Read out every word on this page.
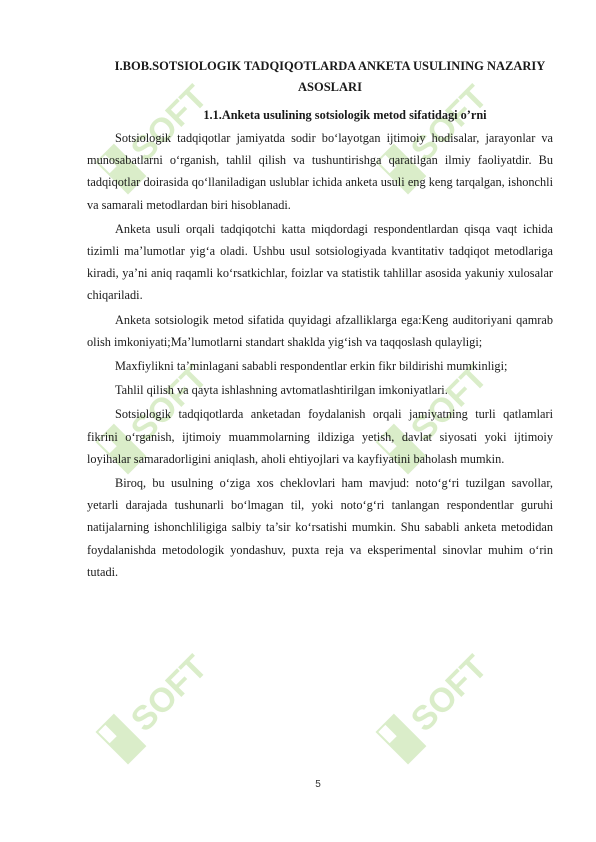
SOFT	SOFT
SOFT	SOFT
SOFT	SOFT
I.BOB.SOTSIOLOGIK TADQIQOTLARDA ANKETA USULINING NAZARIY ASOSLARI
1.1.Anketa usulining sotsiologik metod sifatidagi o’rni

Sotsiologik tadqiqotlar jamiyatda sodir bo‘layotgan ijtimoiy hodisalar, jarayonlar va munosabatlarni o‘rganish, tahlil qilish va tushuntirishga qaratilgan ilmiy faoliyatdir. Bu tadqiqotlar doirasida qo‘llaniladigan uslublar ichida anketa usuli eng keng tarqalgan, ishonchli va samarali metodlardan biri hisoblanadi.

Anketa usuli orqali tadqiqotchi katta miqdordagi respondentlardan qisqa vaqt ichida tizimli ma’lumotlar yig‘a oladi. Ushbu usul sotsiologiyada kvantitativ tadqiqot metodlariga kiradi, ya’ni aniq raqamli ko‘rsatkichlar, foizlar va statistik tahlillar asosida yakuniy xulosalar chiqariladi.

Anketa sotsiologik metod sifatida quyidagi afzalliklarga ega:Keng auditoriyani qamrab olish imkoniyati;Ma’lumotlarni standart shaklda yig‘ish va taqqoslash qulayligi;

Maxfiylikni ta’minlagani sababli respondentlar erkin fikr bildirishi mumkinligi;

Tahlil qilish va qayta ishlashning avtomatlashtirilgan imkoniyatlari.

Sotsiologik tadqiqotlarda anketadan foydalanish orqali jamiyatning turli qatlamlari fikrini o‘rganish, ijtimoiy muammolarning ildiziga yetish, davlat siyosati yoki ijtimoiy loyihalar samaradorligini aniqlash, aholi ehtiyojlari va kayfiyatini baholash mumkin.

Biroq, bu usulning o‘ziga xos cheklovlari ham mavjud: noto‘g‘ri tuzilgan savollar, yetarli darajada tushunarli bo‘lmagan til, yoki noto‘g‘ri tanlangan respondentlar guruhi natijalarning ishonchliligiga salbiy ta’sir ko‘rsatishi mumkin. Shu sababli anketa metodidan foydalanishda metodologik yondashuv, puxta reja va eksperimental sinovlar muhim o‘rin tutadi.

5
